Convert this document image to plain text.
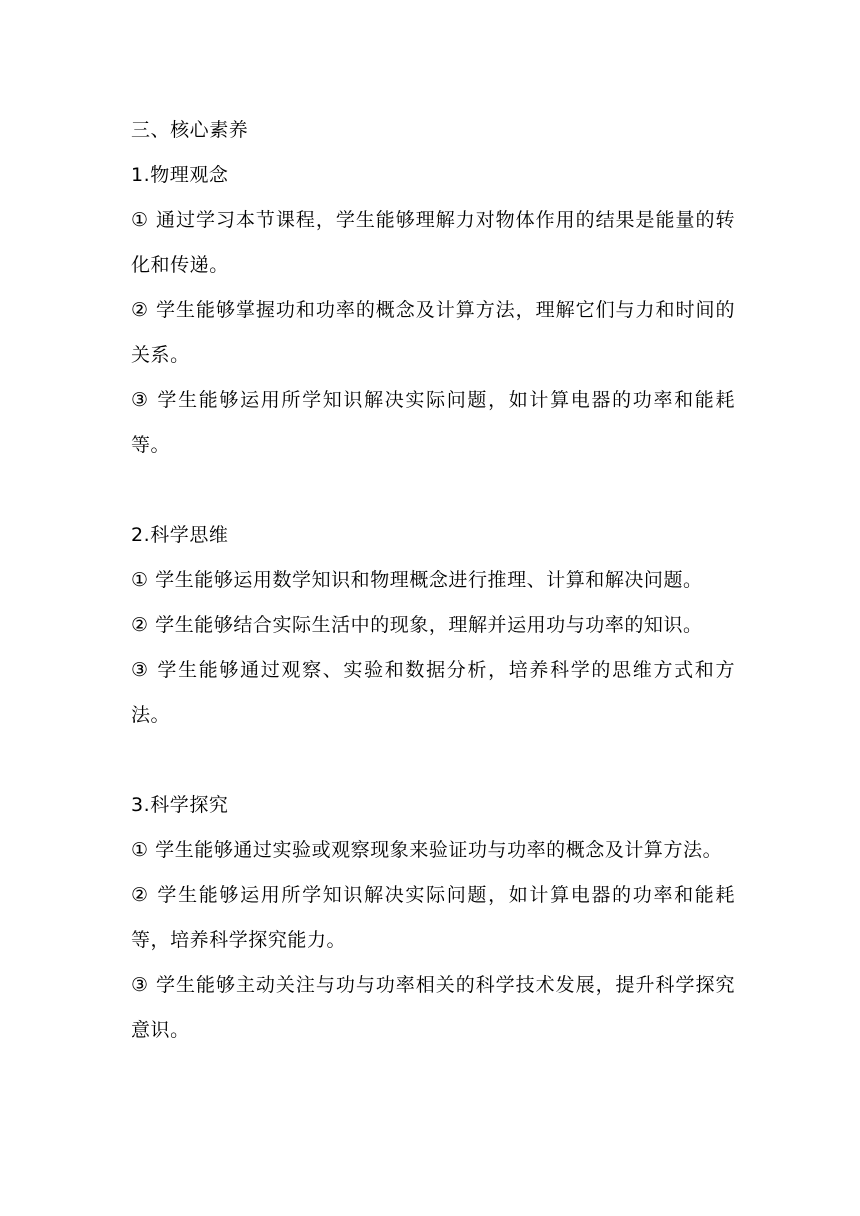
三、核心素养
1.物理观念
① 通过学习本节课程，学生能够理解力对物体作用的结果是能量的转化和传递。
② 学生能够掌握功和功率的概念及计算方法，理解它们与力和时间的关系。
③ 学生能够运用所学知识解决实际问题，如计算电器的功率和能耗等。
2.科学思维
① 学生能够运用数学知识和物理概念进行推理、计算和解决问题。
② 学生能够结合实际生活中的现象，理解并运用功与功率的知识。
③ 学生能够通过观察、实验和数据分析，培养科学的思维方式和方法。
3.科学探究
① 学生能够通过实验或观察现象来验证功与功率的概念及计算方法。
② 学生能够运用所学知识解决实际问题，如计算电器的功率和能耗等，培养科学探究能力。
③ 学生能够主动关注与功与功率相关的科学技术发展，提升科学探究意识。
